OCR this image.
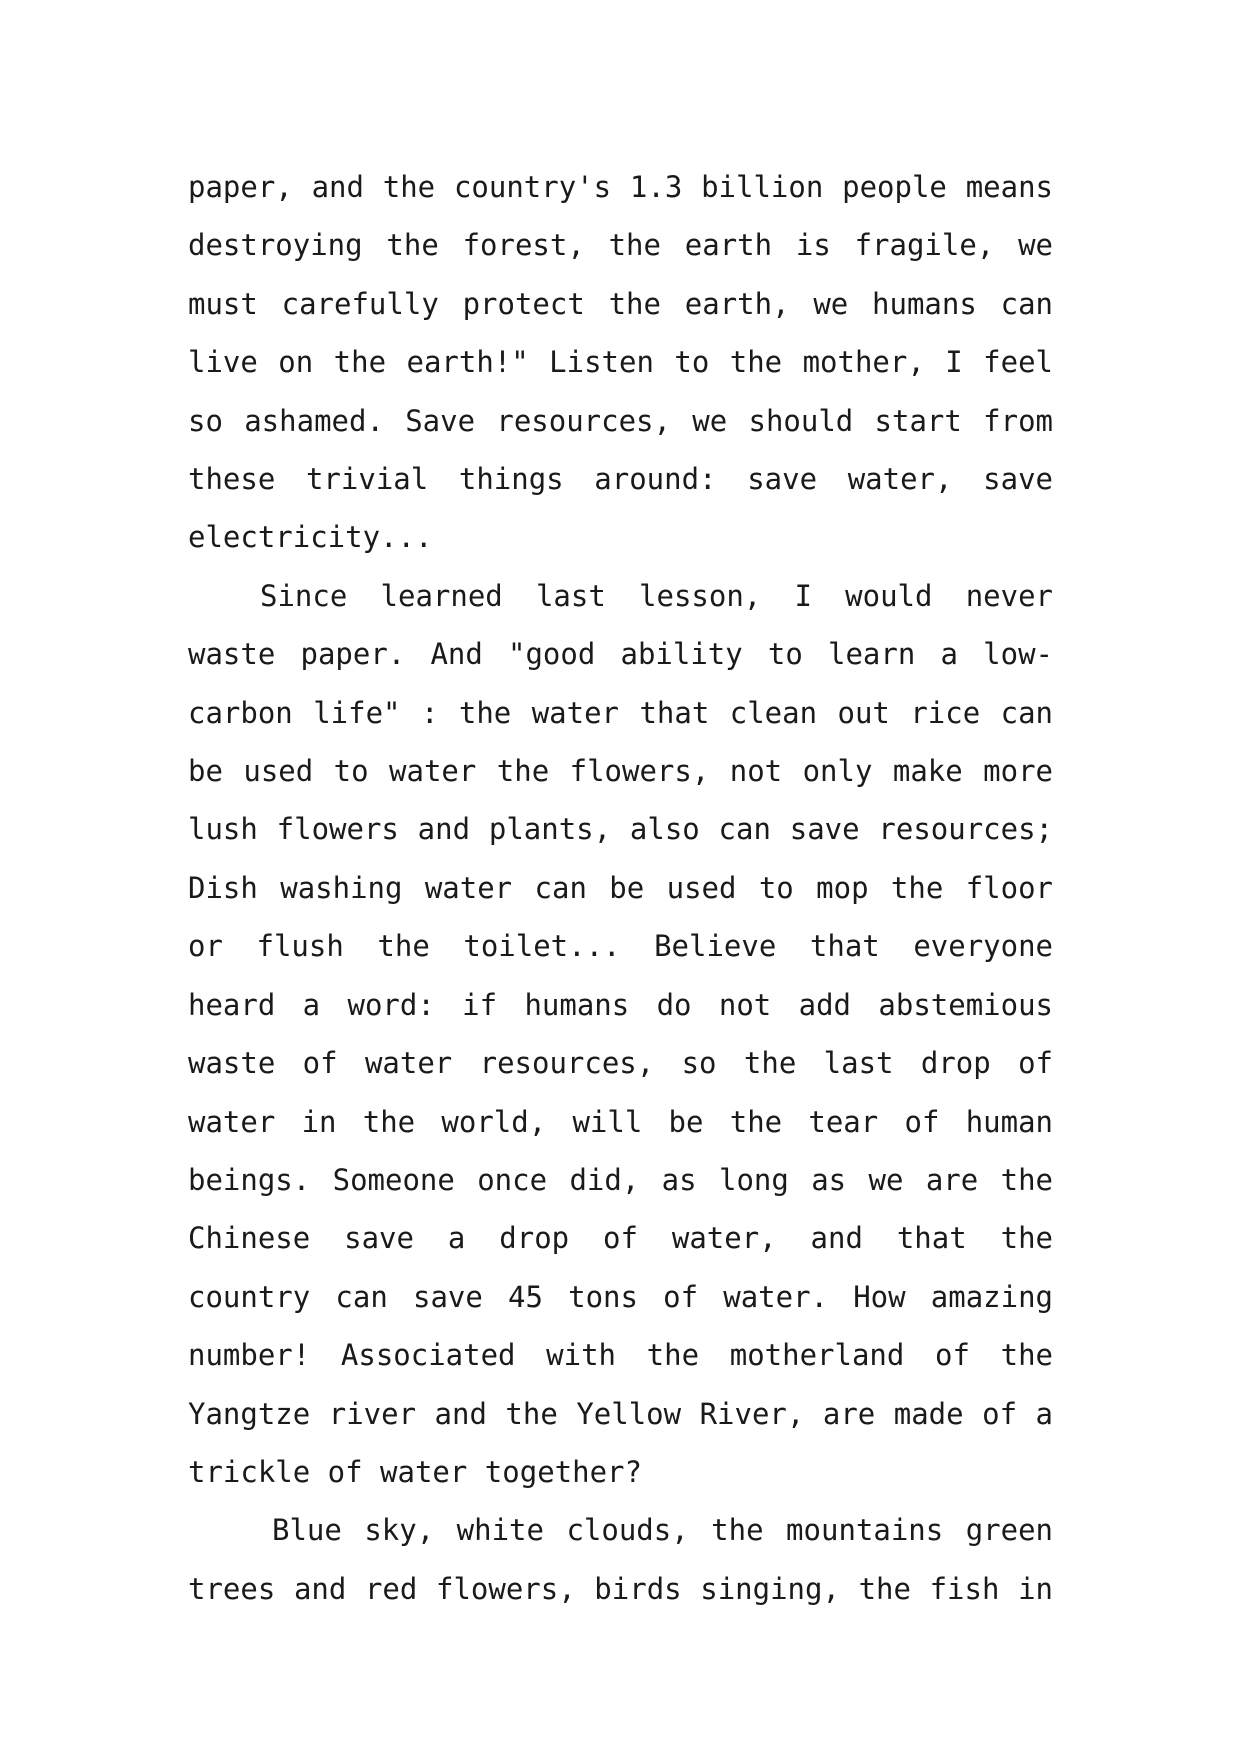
paper, and the country's 1.3 billion people means destroying the forest, the earth is fragile, we must carefully protect the earth, we humans can live on the earth!" Listen to the mother, I feel so ashamed. Save resources, we should start from these trivial things around: save water, save electricity...

Since learned last lesson, I would never waste paper. And "good ability to learn a low-carbon life" : the water that clean out rice can be used to water the flowers, not only make more lush flowers and plants, also can save resources; Dish washing water can be used to mop the floor or flush the toilet... Believe that everyone heard a word: if humans do not add abstemious waste of water resources, so the last drop of water in the world, will be the tear of human beings. Someone once did, as long as we are the Chinese save a drop of water, and that the country can save 45 tons of water. How amazing number! Associated with the motherland of the Yangtze river and the Yellow River, are made of a trickle of water together?

Blue sky, white clouds, the mountains green trees and red flowers, birds singing, the fish in
